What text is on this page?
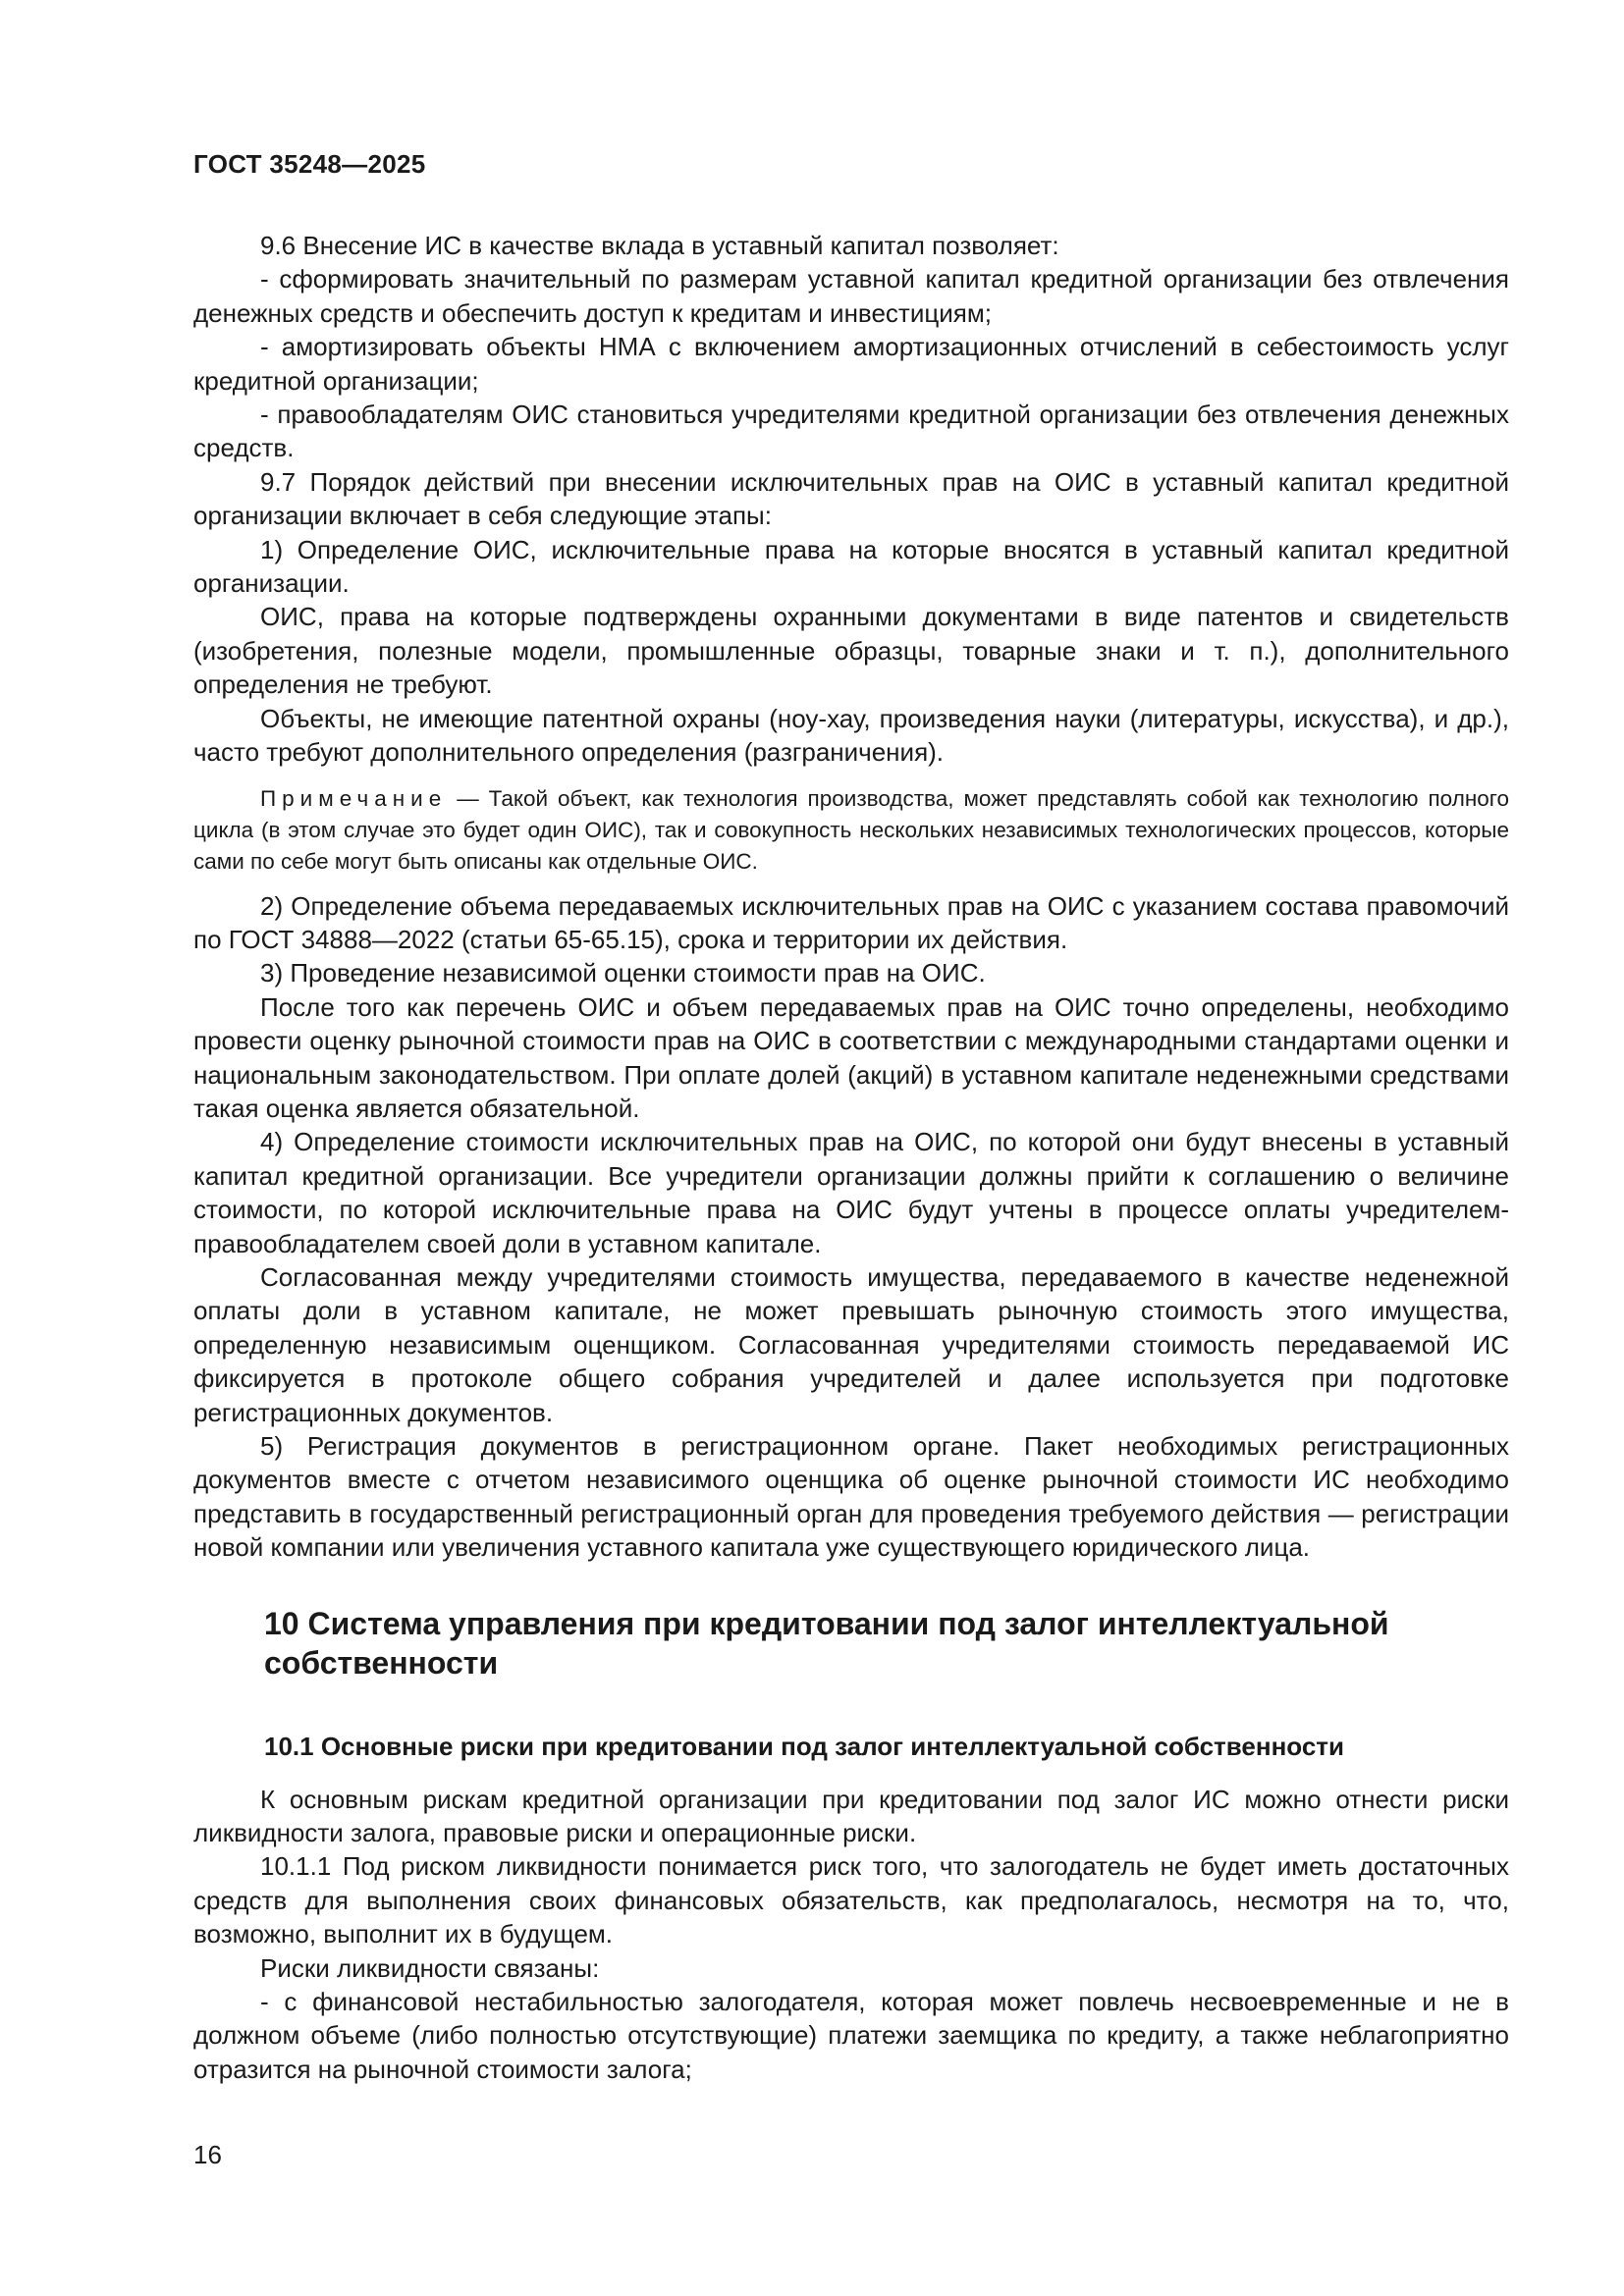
ГОСТ 35248—2025

9.6 Внесение ИС в качестве вклада в уставный капитал позволяет:

- сформировать значительный по размерам уставной капитал кредитной организации без отвлечения денежных средств и обеспечить доступ к кредитам и инвестициям;

- амортизировать объекты НМА с включением амортизационных отчислений в себестоимость услуг кредитной организации;

- правообладателям ОИС становиться учредителями кредитной организации без отвлечения денежных средств.

9.7 Порядок действий при внесении исключительных прав на ОИС в уставный капитал кредитной организации включает в себя следующие этапы:

1) Определение ОИС, исключительные права на которые вносятся в уставный капитал кредитной организации.

ОИС, права на которые подтверждены охранными документами в виде патентов и свидетельств (изобретения, полезные модели, промышленные образцы, товарные знаки и т. п.), дополнительного определения не требуют.

Объекты, не имеющие патентной охраны (ноу-хау, произведения науки (литературы, искусства), и др.), часто требуют дополнительного определения (разграничения).

Примечание — Такой объект, как технология производства, может представлять собой как технологию полного цикла (в этом случае это будет один ОИС), так и совокупность нескольких независимых технологических процессов, которые сами по себе могут быть описаны как отдельные ОИС.

2) Определение объема передаваемых исключительных прав на ОИС с указанием состава правомочий по ГОСТ 34888—2022 (статьи 65-65.15), срока и территории их действия.

3) Проведение независимой оценки стоимости прав на ОИС.

После того как перечень ОИС и объем передаваемых прав на ОИС точно определены, необходимо провести оценку рыночной стоимости прав на ОИС в соответствии с международными стандартами оценки и национальным законодательством. При оплате долей (акций) в уставном капитале неденежными средствами такая оценка является обязательной.

4) Определение стоимости исключительных прав на ОИС, по которой они будут внесены в уставный капитал кредитной организации. Все учредители организации должны прийти к соглашению о величине стоимости, по которой исключительные права на ОИС будут учтены в процессе оплаты учредителем-правообладателем своей доли в уставном капитале.

Согласованная между учредителями стоимость имущества, передаваемого в качестве неденежной оплаты доли в уставном капитале, не может превышать рыночную стоимость этого имущества, определенную независимым оценщиком. Согласованная учредителями стоимость передаваемой ИС фиксируется в протоколе общего собрания учредителей и далее используется при подготовке регистрационных документов.

5) Регистрация документов в регистрационном органе. Пакет необходимых регистрационных документов вместе с отчетом независимого оценщика об оценке рыночной стоимости ИС необходимо представить в государственный регистрационный орган для проведения требуемого действия — регистрации новой компании или увеличения уставного капитала уже существующего юридического лица.

10 Система управления при кредитовании под залог интеллектуальной собственности
10.1 Основные риски при кредитовании под залог интеллектуальной собственности

К основным рискам кредитной организации при кредитовании под залог ИС можно отнести риски ликвидности залога, правовые риски и операционные риски.

10.1.1 Под риском ликвидности понимается риск того, что залогодатель не будет иметь достаточных средств для выполнения своих финансовых обязательств, как предполагалось, несмотря на то, что, возможно, выполнит их в будущем.

Риски ликвидности связаны:

- с финансовой нестабильностью залогодателя, которая может повлечь несвоевременные и не в должном объеме (либо полностью отсутствующие) платежи заемщика по кредиту, а также неблагоприятно отразится на рыночной стоимости залога;

16
